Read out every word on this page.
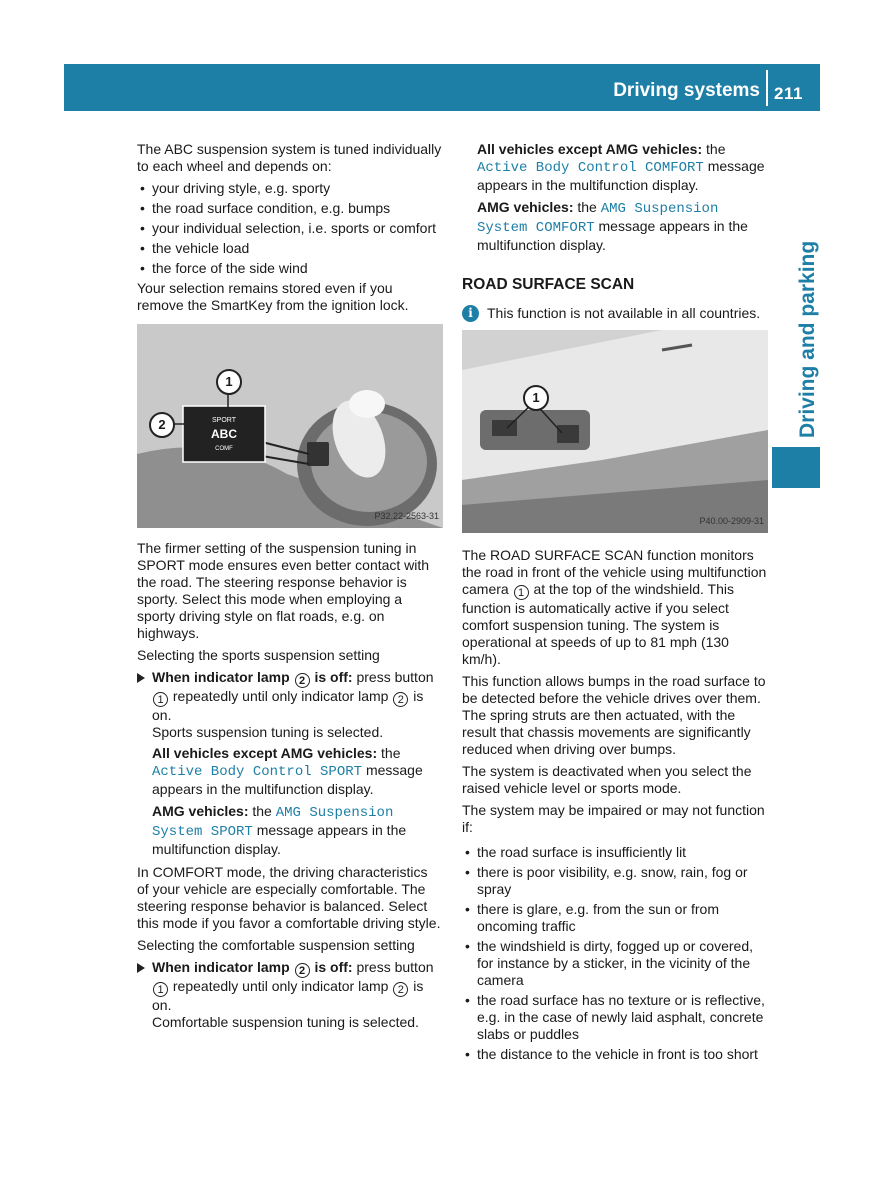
Driving systems 211
Driving and parking

The ABC suspension system is tuned individually to each wheel and depends on:

• your driving style, e.g. sporty
• the road surface condition, e.g. bumps
• your individual selection, i.e. sports or comfort
• the vehicle load
• the force of the side wind

Your selection remains stored even if you remove the SmartKey from the ignition lock.

SPORT
ABC
COMF
1
2
P32.22-2563-31

The firmer setting of the suspension tuning in SPORT mode ensures even better contact with the road. The steering response behavior is sporty. Select this mode when employing a sporty driving style on flat roads, e.g. on highways.

Selecting the sports suspension setting

When indicator lamp 2 is off: press button 1 repeatedly until only indicator lamp 2 is on.

Sports suspension tuning is selected.

All vehicles except AMG vehicles: the Active Body Control SPORT message appears in the multifunction display.

AMG vehicles: the AMG Suspension System SPORT message appears in the multifunction display.

In COMFORT mode, the driving characteristics of your vehicle are especially comfortable. The steering response behavior is balanced. Select this mode if you favor a comfortable driving style.

Selecting the comfortable suspension setting

When indicator lamp 2 is off: press button 1 repeatedly until only indicator lamp 2 is on.

Comfortable suspension tuning is selected.

All vehicles except AMG vehicles: the Active Body Control COMFORT message appears in the multifunction display.

AMG vehicles: the AMG Suspension System COMFORT message appears in the multifunction display.

ROAD SURFACE SCAN
i	This function is not available in all countries.
1
P40.00-2909-31

The ROAD SURFACE SCAN function monitors the road in front of the vehicle using multifunction camera 1 at the top of the windshield. This function is automatically active if you select comfort suspension tuning. The system is operational at speeds of up to 81 mph (130 km/h).

This function allows bumps in the road surface to be detected before the vehicle drives over them. The spring struts are then actuated, with the result that chassis movements are significantly reduced when driving over bumps.

The system is deactivated when you select the raised vehicle level or sports mode.

The system may be impaired or may not function if:

• the road surface is insufficiently lit
• there is poor visibility, e.g. snow, rain, fog or spray
• there is glare, e.g. from the sun or from oncoming traffic
• the windshield is dirty, fogged up or covered, for instance by a sticker, in the vicinity of the camera
• the road surface has no texture or is reflective, e.g. in the case of newly laid asphalt, concrete slabs or puddles
• the distance to the vehicle in front is too short
